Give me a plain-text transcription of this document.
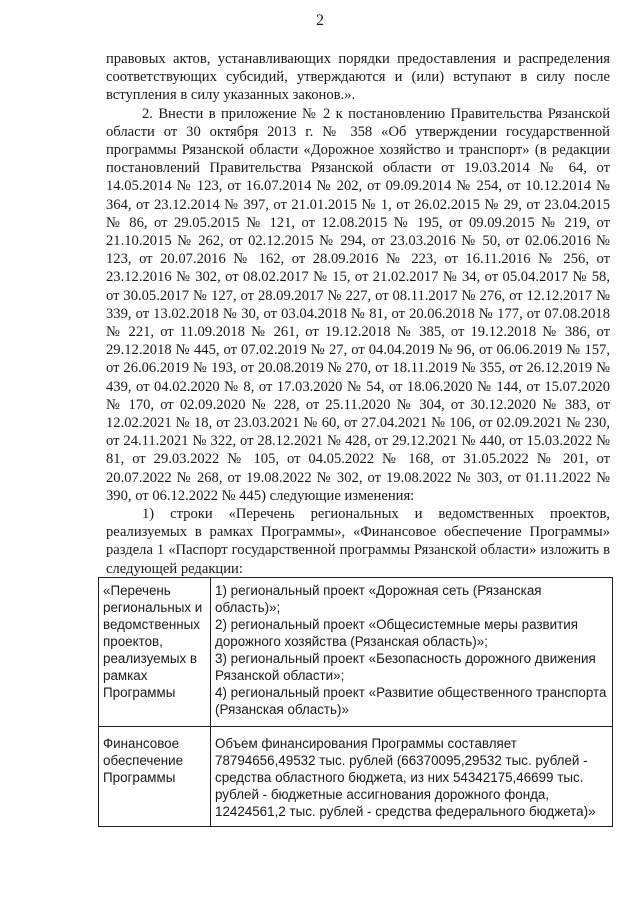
2

правовых актов, устанавливающих порядки предоставления и распределения соответствующих субсидий, утверждаются и (или) вступают в силу после вступления в силу указанных законов.».

2. Внести в приложение № 2 к постановлению Правительства Рязанской области от 30 октября 2013 г. № 358 «Об утверждении государственной программы Рязанской области «Дорожное хозяйство и транспорт» (в редакции постановлений Правительства Рязанской области от 19.03.2014 № 64, от 14.05.2014 № 123, от 16.07.2014 № 202, от 09.09.2014 № 254, от 10.12.2014 № 364, от 23.12.2014 № 397, от 21.01.2015 № 1, от 26.02.2015 № 29, от 23.04.2015 № 86, от 29.05.2015 № 121, от 12.08.2015 № 195, от 09.09.2015 № 219, от 21.10.2015 № 262, от 02.12.2015 № 294, от 23.03.2016 № 50, от 02.06.2016 № 123, от 20.07.2016 № 162, от 28.09.2016 № 223, от 16.11.2016 № 256, от 23.12.2016 № 302, от 08.02.2017 № 15, от 21.02.2017 № 34, от 05.04.2017 № 58, от 30.05.2017 № 127, от 28.09.2017 № 227, от 08.11.2017 № 276, от 12.12.2017 № 339, от 13.02.2018 № 30, от 03.04.2018 № 81, от 20.06.2018 № 177, от 07.08.2018 № 221, от 11.09.2018 № 261, от 19.12.2018 № 385, от 19.12.2018 № 386, от 29.12.2018 № 445, от 07.02.2019 № 27, от 04.04.2019 № 96, от 06.06.2019 № 157, от 26.06.2019 № 193, от 20.08.2019 № 270, от 18.11.2019 № 355, от 26.12.2019 № 439, от 04.02.2020 № 8, от 17.03.2020 № 54, от 18.06.2020 № 144, от 15.07.2020 № 170, от 02.09.2020 № 228, от 25.11.2020 № 304, от 30.12.2020 № 383, от 12.02.2021 № 18, от 23.03.2021 № 60, от 27.04.2021 № 106, от 02.09.2021 № 230, от 24.11.2021 № 322, от 28.12.2021 № 428, от 29.12.2021 № 440, от 15.03.2022 № 81, от 29.03.2022 № 105, от 04.05.2022 № 168, от 31.05.2022 № 201, от 20.07.2022 № 268, от 19.08.2022 № 302, от 19.08.2022 № 303, от 01.11.2022 № 390, от 06.12.2022 № 445) следующие изменения:

1) строки «Перечень региональных и ведомственных проектов, реализуемых в рамках Программы», «Финансовое обеспечение Программы» раздела 1 «Паспорт государственной программы Рязанской области» изложить в следующей редакции:

«Перечень региональных и ведомственных проектов, реализуемых в рамках Программы	1) региональный проект «Дорожная сеть (Рязанская область)»;
2) региональный проект «Общесистемные меры развития дорожного хозяйства (Рязанская область)»;
3) региональный проект «Безопасность дорожного движения Рязанской области»;
4) региональный проект «Развитие общественного транспорта (Рязанская область)»

Финансовое обеспечение Программы	Объем финансирования Программы составляет 78794656,49532 тыс. рублей (66370095,29532 тыс. рублей - средства областного бюджета, из них 54342175,46699 тыс. рублей - бюджетные ассигнования дорожного фонда, 12424561,2 тыс. рублей - средства федерального бюджета)»
